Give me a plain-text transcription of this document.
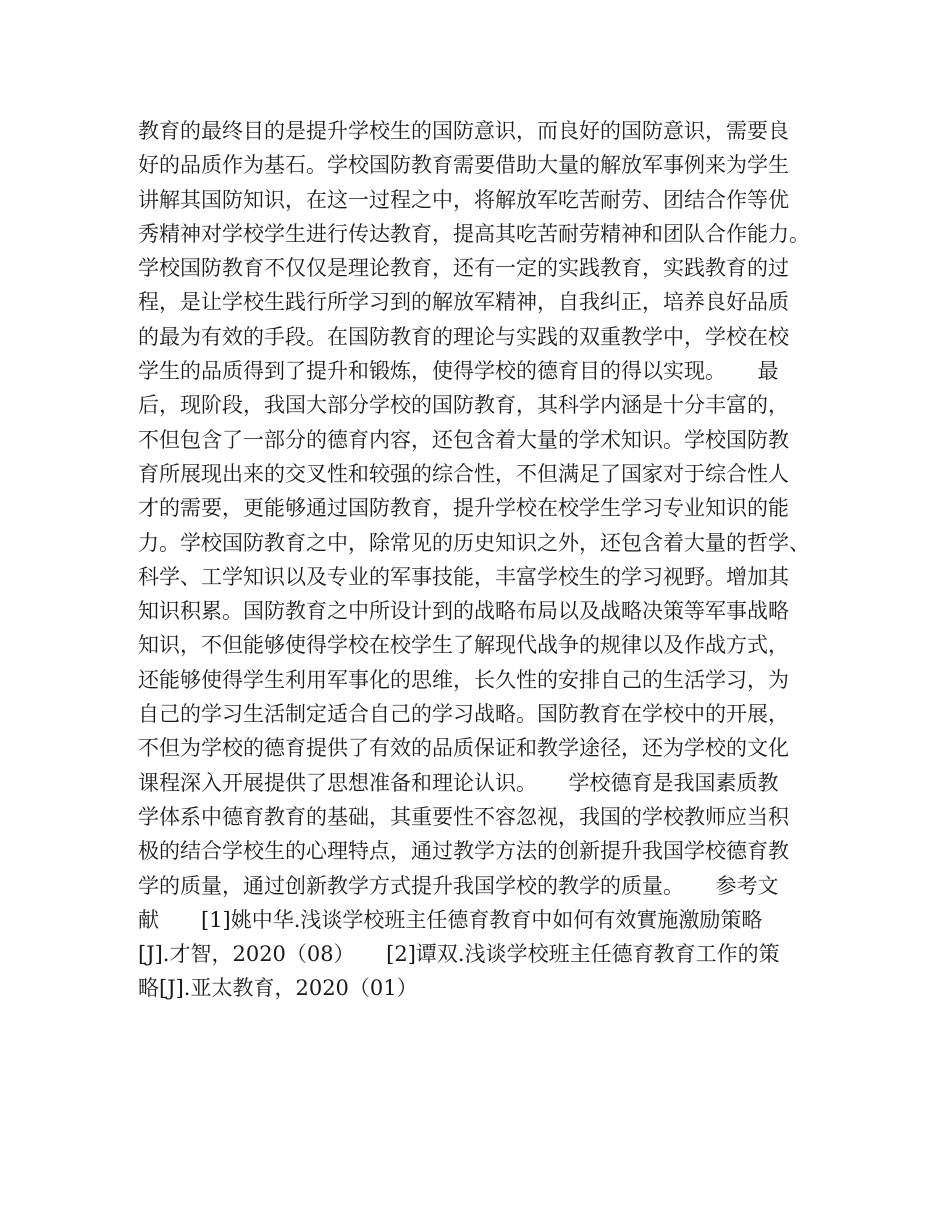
教育的最终目的是提升学校生的国防意识，而良好的国防意识，需要良
好的品质作为基石。学校国防教育需要借助大量的解放军事例来为学生
讲解其国防知识，在这一过程之中，将解放军吃苦耐劳、团结合作等优
秀精神对学校学生进行传达教育，提高其吃苦耐劳精神和团队合作能力。
学校国防教育不仅仅是理论教育，还有一定的实践教育，实践教育的过
程，是让学校生践行所学习到的解放军精神，自我纠正，培养良好品质
的最为有效的手段。在国防教育的理论与实践的双重教学中，学校在校
学生的品质得到了提升和锻炼，使得学校的德育目的得以实现。　　最
后，现阶段，我国大部分学校的国防教育，其科学内涵是十分丰富的，
不但包含了一部分的德育内容，还包含着大量的学术知识。学校国防教
育所展现出来的交叉性和较强的综合性，不但满足了国家对于综合性人
才的需要，更能够通过国防教育，提升学校在校学生学习专业知识的能
力。学校国防教育之中，除常见的历史知识之外，还包含着大量的哲学、
科学、工学知识以及专业的军事技能，丰富学校生的学习视野。增加其
知识积累。国防教育之中所设计到的战略布局以及战略决策等军事战略
知识，不但能够使得学校在校学生了解现代战争的规律以及作战方式，
还能够使得学生利用军事化的思维，长久性的安排自己的生活学习，为
自己的学习生活制定适合自己的学习战略。国防教育在学校中的开展，
不但为学校的德育提供了有效的品质保证和教学途径，还为学校的文化
课程深入开展提供了思想准备和理论认识。　　学校德育是我国素质教
学体系中德育教育的基础，其重要性不容忽视，我国的学校教师应当积
极的结合学校生的心理特点，通过教学方法的创新提升我国学校德育教
学的质量，通过创新教学方式提升我国学校的教学的质量。　　参考文
献　　[1]姚中华.浅谈学校班主任德育教育中如何有效實施激励策略
[J].才智，2020（08）　　[2]谭双.浅谈学校班主任德育教育工作的策
略[J].亚太教育，2020（01）
